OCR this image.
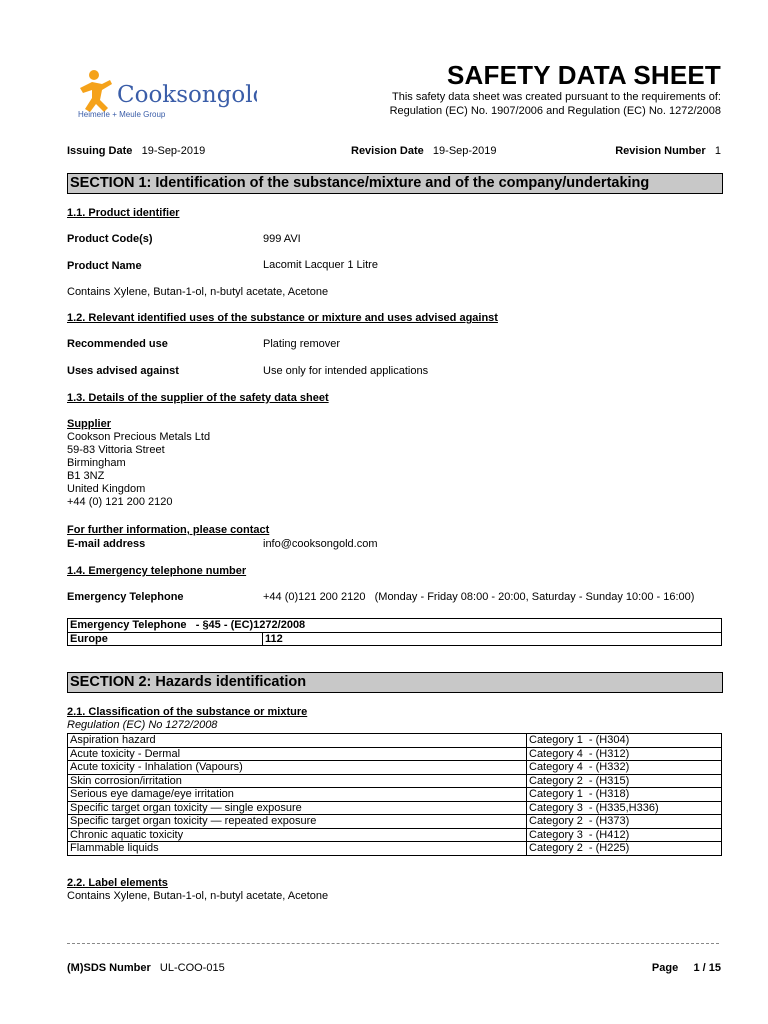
Cooksongold
Heimerle + Meule Group
SAFETY DATA SHEET
This safety data sheet was created pursuant to the requirements of:
Regulation (EC) No. 1907/2006 and Regulation (EC) No. 1272/2008
Issuing Date 19-Sep-2019	Revision Date 19-Sep-2019	Revision Number 1
SECTION 1: Identification of the substance/mixture and of the company/undertaking
1.1. Product identifier
Product Code(s)	999 AVI
Product Name	Lacomit Lacquer 1 Litre
Contains Xylene, Butan-1-ol, n-butyl acetate, Acetone
1.2. Relevant identified uses of the substance or mixture and uses advised against
Recommended use	Plating remover
Uses advised against	Use only for intended applications
1.3. Details of the supplier of the safety data sheet
Supplier
Cookson Precious Metals Ltd
59-83 Vittoria Street
Birmingham
B1 3NZ
United Kingdom
+44 (0) 121 200 2120
For further information, please contact
E-mail address	info@cooksongold.com
1.4. Emergency telephone number
Emergency Telephone	+44 (0)121 200 2120   (Monday - Friday 08:00 - 20:00, Saturday - Sunday 10:00 - 16:00)
Emergency Telephone   - §45 - (EC)1272/2008
Europe	112
SECTION 2: Hazards identification
2.1. Classification of the substance or mixture
Regulation (EC) No 1272/2008
Aspiration hazard	Category 1  - (H304)
Acute toxicity - Dermal	Category 4  - (H312)
Acute toxicity - Inhalation (Vapours)	Category 4  - (H332)
Skin corrosion/irritation	Category 2  - (H315)
Serious eye damage/eye irritation	Category 1  - (H318)
Specific target organ toxicity — single exposure	Category 3  - (H335,H336)
Specific target organ toxicity — repeated exposure	Category 2  - (H373)
Chronic aquatic toxicity	Category 3  - (H412)
Flammable liquids	Category 2  - (H225)
2.2. Label elements
Contains Xylene, Butan-1-ol, n-butyl acetate, Acetone
(M)SDS Number UL-COO-015	Page 1 / 15
